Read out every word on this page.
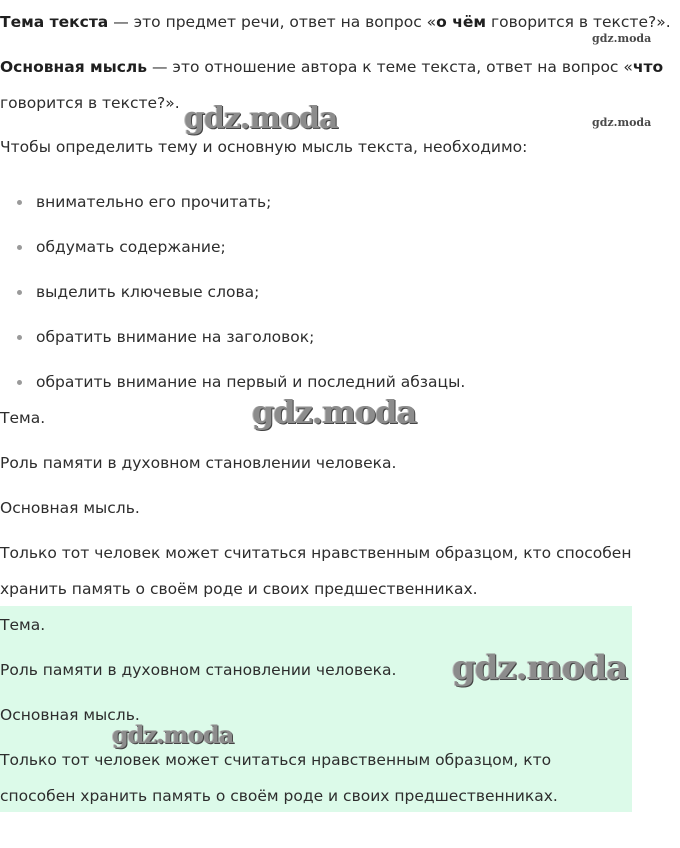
Тема текста — это предмет речи, ответ на вопрос «о чём говорится в тексте?».
Основная мысль — это отношение автора к теме текста, ответ на вопрос «что
говорится в тексте?».
Чтобы определить тему и основную мысль текста, необходимо:
внимательно его прочитать;
обдумать содержание;
выделить ключевые слова;
обратить внимание на заголовок;
обратить внимание на первый и последний абзацы.
Тема.
Роль памяти в духовном становлении человека.
Основная мысль.
Только тот человек может считаться нравственным образцом, кто способен
хранить память о своём роде и своих предшественниках.
Тема.
Роль памяти в духовном становлении человека.
Основная мысль.
Только тот человек может считаться нравственным образцом, кто
способен хранить память о своём роде и своих предшественниках.
gdz.moda
gdz.moda
gdz.moda
gdz.moda
gdz.moda
gdz.moda
